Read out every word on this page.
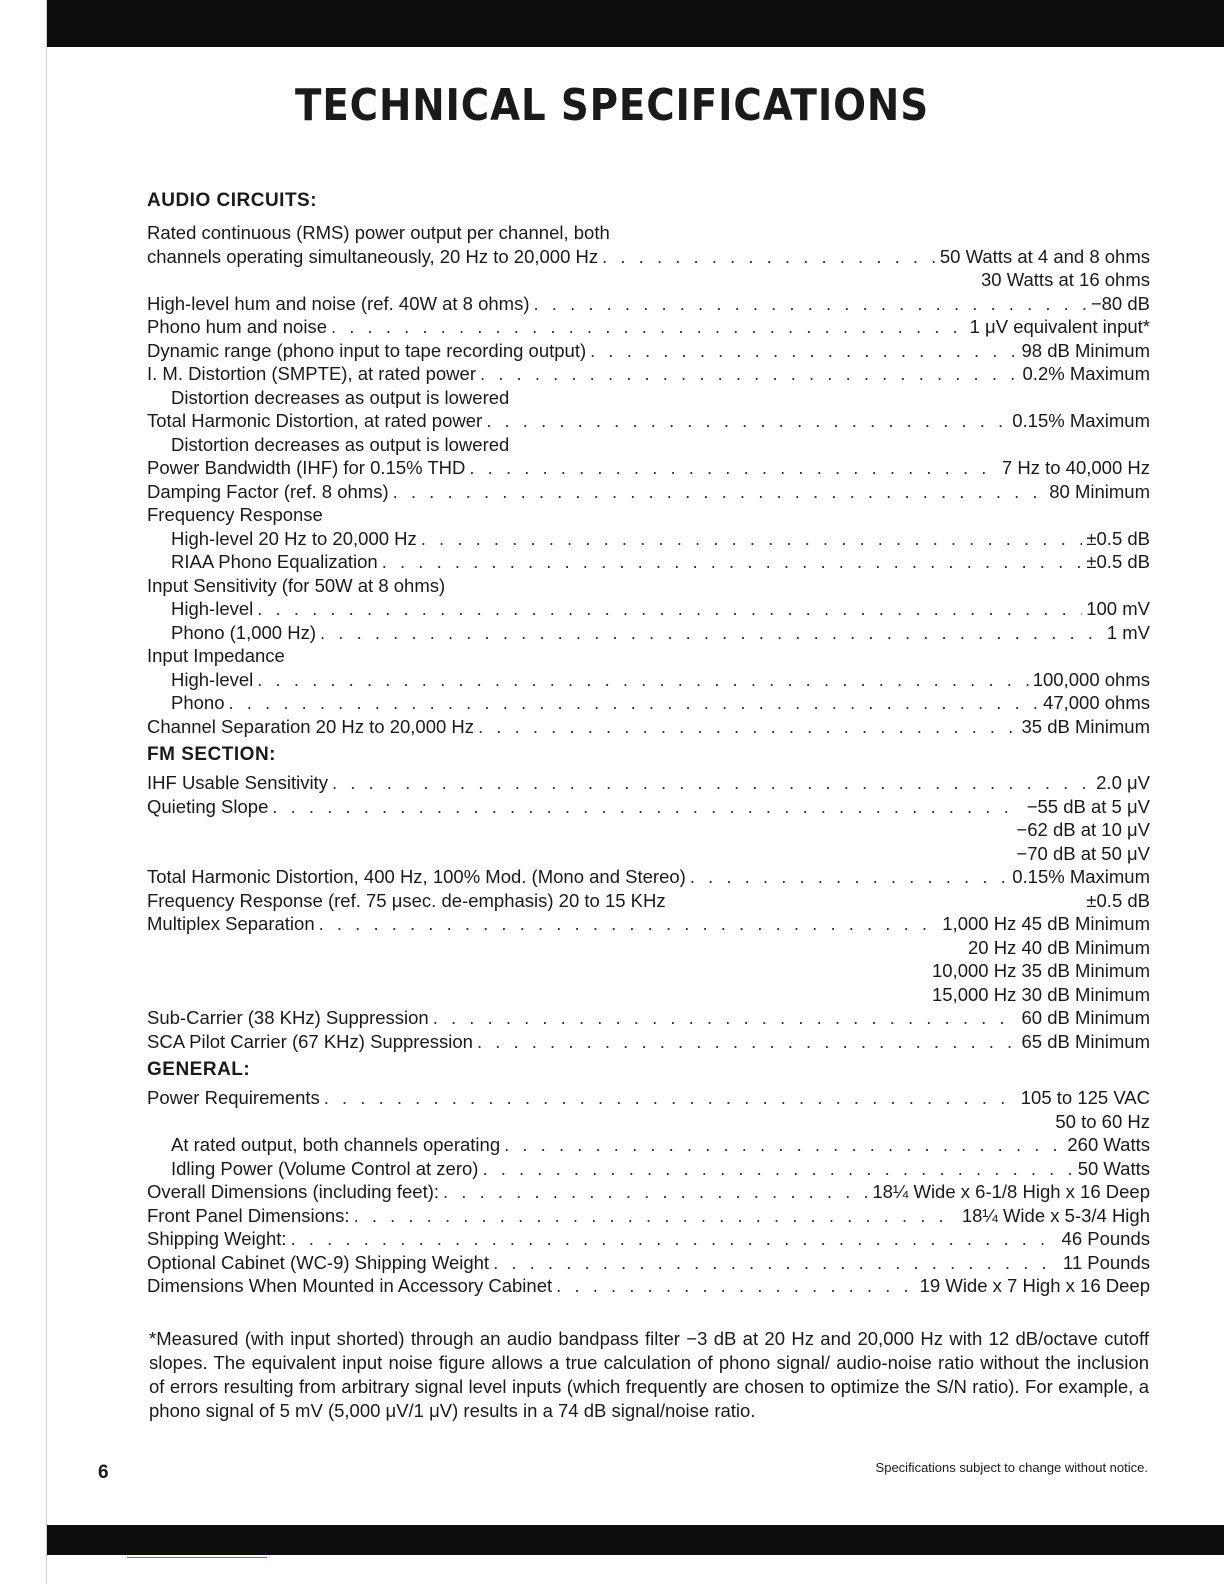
TECHNICAL SPECIFICATIONS
AUDIO CIRCUITS:
Rated continuous (RMS) power output per channel, both
channels operating simultaneously, 20 Hz to 20,000 Hz . . .	50 Watts at 4 and 8 ohms
30 Watts at 16 ohms
High-level hum and noise (ref. 40W at 8 ohms) . . .	−80 dB
Phono hum and noise . . .	1 μV equivalent input*
Dynamic range (phono input to tape recording output) . . .	98 dB Minimum
I. M. Distortion (SMPTE), at rated power . . .	0.2% Maximum
Distortion decreases as output is lowered
Total Harmonic Distortion, at rated power . . .	0.15% Maximum
Distortion decreases as output is lowered
Power Bandwidth (IHF) for 0.15% THD . . .	7 Hz to 40,000 Hz
Damping Factor (ref. 8 ohms) . . .	80 Minimum
Frequency Response
High-level 20 Hz to 20,000 Hz . . .	±0.5 dB
RIAA Phono Equalization . . .	±0.5 dB
Input Sensitivity (for 50W at 8 ohms)
High-level . . .	100 mV
Phono (1,000 Hz) . . .	1 mV
Input Impedance
High-level . . .	100,000 ohms
Phono . . .	47,000 ohms
Channel Separation 20 Hz to 20,000 Hz . . .	35 dB Minimum
FM SECTION:
IHF Usable Sensitivity . . .	2.0 μV
Quieting Slope . . .	−55 dB at 5 μV
−62 dB at 10 μV
−70 dB at 50 μV
Total Harmonic Distortion, 400 Hz, 100% Mod. (Mono and Stereo) . . .	0.15% Maximum
Frequency Response (ref. 75 μsec. de-emphasis) 20 to 15 KHz	±0.5 dB
Multiplex Separation . . .	1,000 Hz 45 dB Minimum
20 Hz 40 dB Minimum
10,000 Hz 35 dB Minimum
15,000 Hz 30 dB Minimum
Sub-Carrier (38 KHz) Suppression . . .	60 dB Minimum
SCA Pilot Carrier (67 KHz) Suppression . . .	65 dB Minimum
GENERAL:
Power Requirements . . .	105 to 125 VAC
50 to 60 Hz
At rated output, both channels operating . . .	260 Watts
Idling Power (Volume Control at zero) . . .	50 Watts
Overall Dimensions (including feet): . . .	18¼ Wide x 6-1/8 High x 16 Deep
Front Panel Dimensions: . . .	18¼ Wide x 5-3/4 High
Shipping Weight: . . .	46 Pounds
Optional Cabinet (WC-9) Shipping Weight . . .	11 Pounds
Dimensions When Mounted in Accessory Cabinet . . .	19 Wide x 7 High x 16 Deep

*Measured (with input shorted) through an audio bandpass filter −3 dB at 20 Hz and 20,000 Hz with 12 dB/octave cutoff slopes. The equivalent input noise figure allows a true calculation of phono signal/ audio-noise ratio without the inclusion of errors resulting from arbitrary signal level inputs (which frequently are chosen to optimize the S/N ratio). For example, a phono signal of 5 mV (5,000 μV/1 μV) results in a 74 dB signal/noise ratio.

6	Specifications subject to change without notice.
